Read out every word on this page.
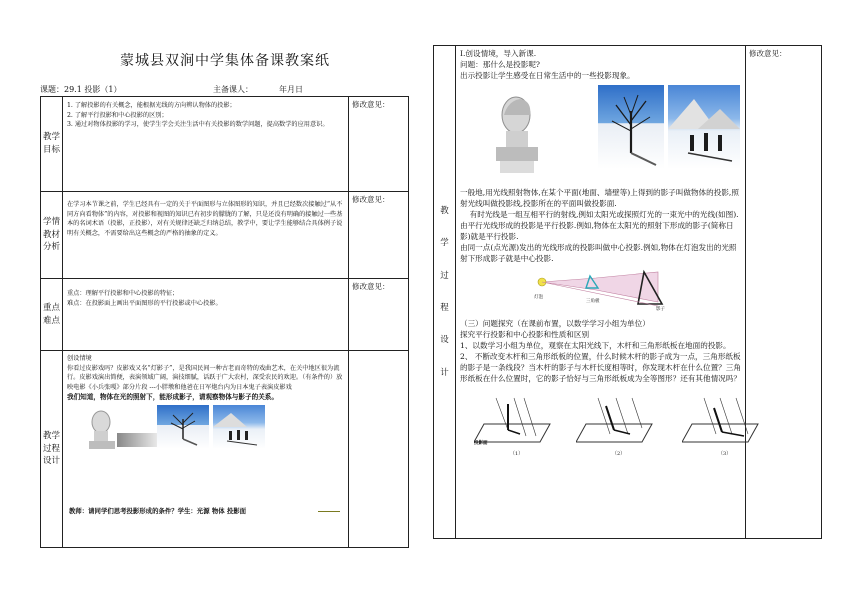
蒙城县双涧中学集体备课教案纸
课题：29.1 投影（1）	主备课人：	年月日
教学目标	1. 了解投影的有关概念，能根据光线的方向辨认物体的投影；
2. 了解平行投影和中心投影的区别；
3. 通过对物体投影的学习，使学生学会关注生活中有关投影的数学问题，提高数学的应用意识。	修改意见：
学情教材分析	在学习本节课之前，学生已经具有一定的关于平面图形与立体图形的知识，并且已经数次接触过“从不同方向看物体”的内容，对投影和视图的知识已有初步的朦胧的了解，只是还没有明确的接触过一些基本的名词术语（投影，正投影），对有关规律还缺乏归纳总结，教学中，要让学生能够结合具体例子说明有关概念，不需要给出这些概念的严格的抽象的定义。	修改意见：
重点难点	重点：理解平行投影和中心投影的特征；
难点：在投影面上画出平面图形的平行投影或中心投影。	修改意见：
教学过程设计	创设情境
你看过皮影戏吗？皮影戏又名“灯影子”，是我国民间一种古老而奇特的戏曲艺术，在关中地区很为流行。皮影戏演出简便，表演领域广阔，演技细腻，话跃于广大农村，深受农民的欢迎。（有条件的）放映电影《小兵张嘎》部分片段 ---小胖墩和他爸在日军炮台内为日本鬼子表演皮影戏
我们知道，物体在光的照射下，能形成影子，请观察物体与影子的关系。
教师：请同学们思考投影形成的条件？学生：光源 物体 投影面	

教学过程设计

Ⅰ.创设情境，导入新课.
问题：那什么是投影呢?
出示投影让学生感受在日常生活中的一些投影现象。
一般地,用光线照射物体,在某个平面(地面、墙壁等)上得到的影子叫做物体的投影,照射光线叫做投影线,投影所在的平面叫做投影面.
有时光线是一组互相平行的射线,例如太阳光或探照灯光的一束光中的光线(如图).由平行光线形成的投影是平行投影.例如,物体在太阳光的照射下形成的影子(简称日影)就是平行投影.
由同一点(点光源)发出的光线形成的投影叫做中心投影.例如,物体在灯泡发出的光照射下形成影子就是中心投影.
灯泡
三角板
影子
（三）问题探究（在课前布置，以数学学习小组为单位）
探究平行投影和中心投影和性质和区别
1、以数学习小组为单位，观察在太阳光线下，木杆和三角形纸板在地面的投影。
2、 不断改变木杆和三角形纸板的位置，什么时候木杆的影子成为一点，三角形纸板的影子是一条线段？当木杆的影子与木杆长度相等时，你发现木杆在什么位置？三角形纸板在什么位置时，它的影子恰好与三角形纸板成为全等图形？还有其他情况吗？
投影面
（1）	（2）	（3）
	修改意见：
